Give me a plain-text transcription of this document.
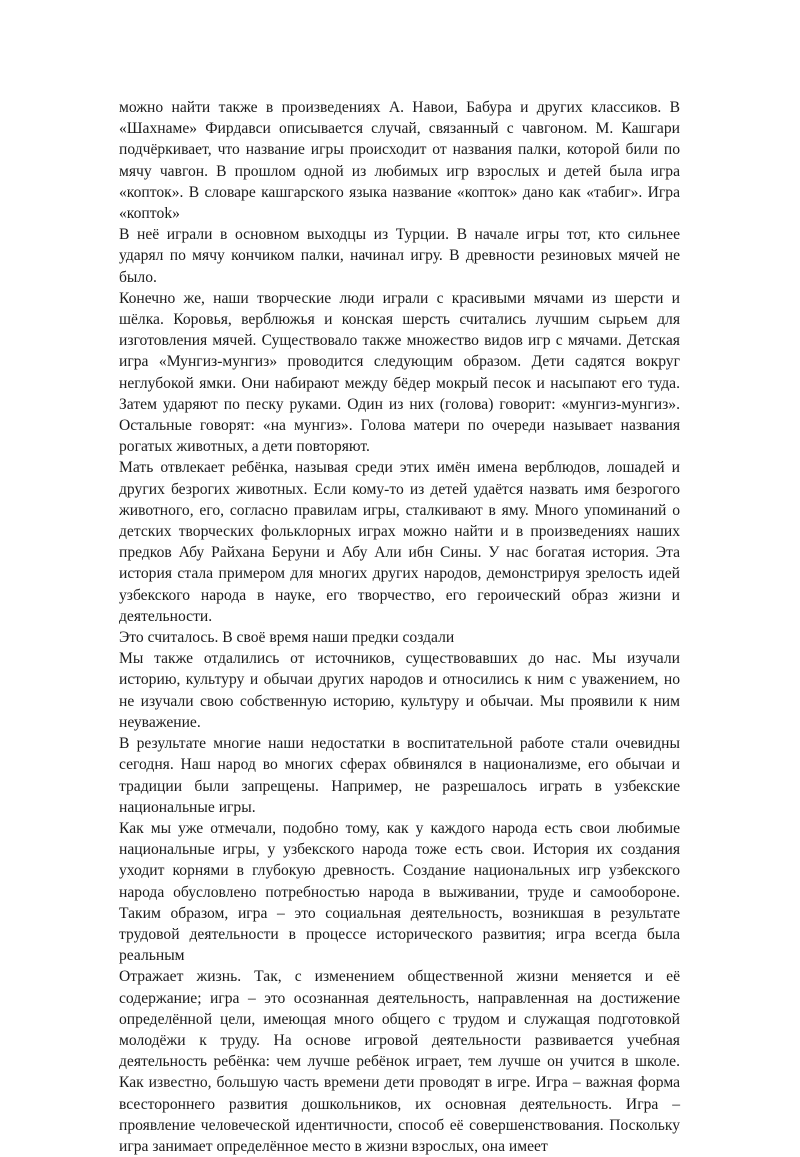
можно найти также в произведениях А. Навои, Бабура и других классиков. В «Шахнаме» Фирдавси описывается случай, связанный с чавгоном. М. Кашгари подчёркивает, что название игры происходит от названия палки, которой били по мячу чавгон. В прошлом одной из любимых игр взрослых и детей была игра «копток». В словаре кашгарского языка название «копток» дано как «табиг». Игра «коптok»

В неё играли в основном выходцы из Турции. В начале игры тот, кто сильнее ударял по мячу кончиком палки, начинал игру. В древности резиновых мячей не было.

Конечно же, наши творческие люди играли с красивыми мячами из шерсти и шёлка. Коровья, верблюжья и конская шерсть считались лучшим сырьем для изготовления мячей. Существовало также множество видов игр с мячами. Детская игра «Мунгиз-мунгиз» проводится следующим образом. Дети садятся вокруг неглубокой ямки. Они набирают между бёдер мокрый песок и насыпают его туда. Затем ударяют по песку руками. Один из них (голова) говорит: «мунгиз-мунгиз». Остальные говорят: «на мунгиз». Голова матери по очереди называет названия рогатых животных, а дети повторяют.

Мать отвлекает ребёнка, называя среди этих имён имена верблюдов, лошадей и других безрогих животных. Если кому-то из детей удаётся назвать имя безрогого животного, его, согласно правилам игры, сталкивают в яму. Много упоминаний о детских творческих фольклорных играх можно найти и в произведениях наших предков Абу Райхана Беруни и Абу Али ибн Сины. У нас богатая история. Эта история стала примером для многих других народов, демонстрируя зрелость идей узбекского народа в науке, его творчество, его героический образ жизни и деятельности.

Это считалось. В своё время наши предки создали

Мы также отдалились от источников, существовавших до нас. Мы изучали историю, культуру и обычаи других народов и относились к ним с уважением, но не изучали свою собственную историю, культуру и обычаи. Мы проявили к ним неуважение.

В результате многие наши недостатки в воспитательной работе стали очевидны сегодня. Наш народ во многих сферах обвинялся в национализме, его обычаи и традиции были запрещены. Например, не разрешалось играть в узбекские национальные игры.

Как мы уже отмечали, подобно тому, как у каждого народа есть свои любимые национальные игры, у узбекского народа тоже есть свои. История их создания уходит корнями в глубокую древность. Создание национальных игр узбекского народа обусловлено потребностью народа в выживании, труде и самообороне. Таким образом, игра – это социальная деятельность, возникшая в результате трудовой деятельности в процессе исторического развития; игра всегда была реальным

Отражает жизнь. Так, с изменением общественной жизни меняется и её содержание; игра – это осознанная деятельность, направленная на достижение определённой цели, имеющая много общего с трудом и служащая подготовкой молодёжи к труду. На основе игровой деятельности развивается учебная деятельность ребёнка: чем лучше ребёнок играет, тем лучше он учится в школе. Как известно, большую часть времени дети проводят в игре. Игра – важная форма всестороннего развития дошкольников, их основная деятельность. Игра – проявление человеческой идентичности, способ её совершенствования. Поскольку игра занимает определённое место в жизни взрослых, она имеет
